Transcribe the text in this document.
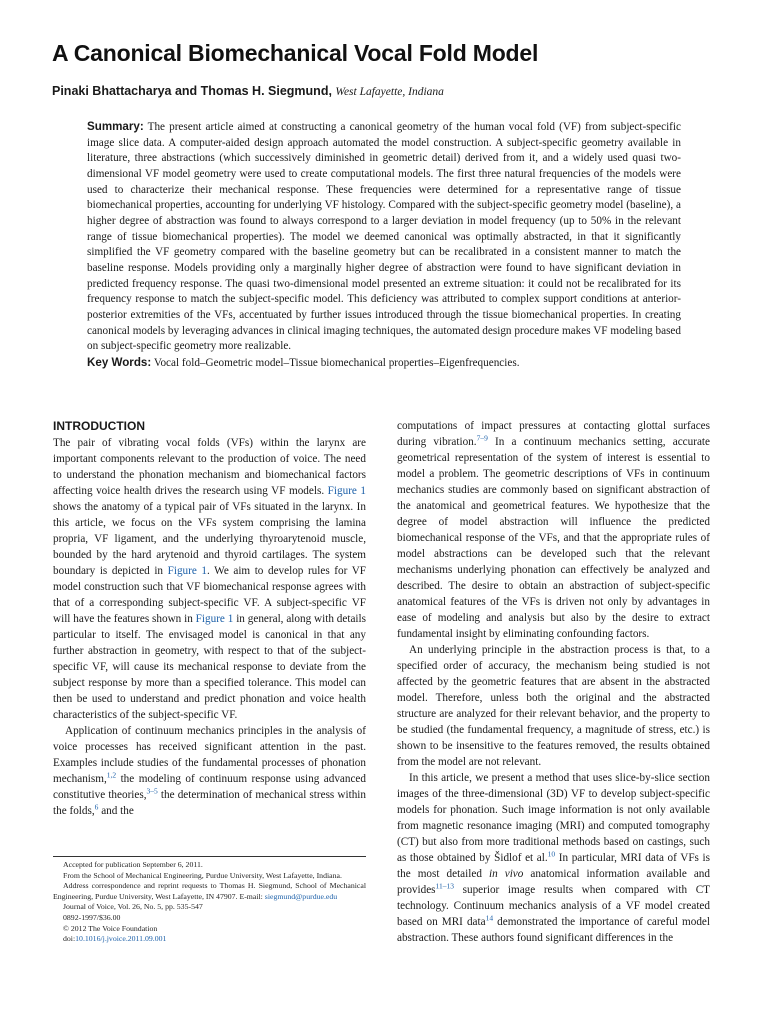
A Canonical Biomechanical Vocal Fold Model
Pinaki Bhattacharya and Thomas H. Siegmund, West Lafayette, Indiana
Summary: The present article aimed at constructing a canonical geometry of the human vocal fold (VF) from subject-specific image slice data. A computer-aided design approach automated the model construction. A subject-specific geometry available in literature, three abstractions (which successively diminished in geometric detail) derived from it, and a widely used quasi two-dimensional VF model geometry were used to create computational models. The first three natural frequencies of the models were used to characterize their mechanical response. These frequencies were determined for a representative range of tissue biomechanical properties, accounting for underlying VF histology. Compared with the subject-specific geometry model (baseline), a higher degree of abstraction was found to always correspond to a larger deviation in model frequency (up to 50% in the relevant range of tissue biomechanical properties). The model we deemed canonical was optimally abstracted, in that it significantly simplified the VF geometry compared with the baseline geometry but can be recalibrated in a consistent manner to match the baseline response. Models providing only a marginally higher degree of abstraction were found to have significant deviation in predicted frequency response. The quasi two-dimensional model presented an extreme situation: it could not be recalibrated for its frequency response to match the subject-specific model. This deficiency was attributed to complex support conditions at anterior-posterior extremities of the VFs, accentuated by further issues introduced through the tissue biomechanical properties. In creating canonical models by leveraging advances in clinical imaging techniques, the automated design procedure makes VF modeling based on subject-specific geometry more realizable.
Key Words: Vocal fold–Geometric model–Tissue biomechanical properties–Eigenfrequencies.
INTRODUCTION

The pair of vibrating vocal folds (VFs) within the larynx are important components relevant to the production of voice. The need to understand the phonation mechanism and biomechanical factors affecting voice health drives the research using VF models. Figure 1 shows the anatomy of a typical pair of VFs situated in the larynx. In this article, we focus on the VFs system comprising the lamina propria, VF ligament, and the underlying thyroarytenoid muscle, bounded by the hard arytenoid and thyroid cartilages. The system boundary is depicted in Figure 1. We aim to develop rules for VF model construction such that VF biomechanical response agrees with that of a corresponding subject-specific VF. A subject-specific VF will have the features shown in Figure 1 in general, along with details particular to itself. The envisaged model is canonical in that any further abstraction in geometry, with respect to that of the subject-specific VF, will cause its mechanical response to deviate from the subject response by more than a specified tolerance. This model can then be used to understand and predict phonation and voice health characteristics of the subject-specific VF.

Application of continuum mechanics principles in the analysis of voice processes has received significant attention in the past. Examples include studies of the fundamental processes of phonation mechanism,$^{1,2}$ the modeling of continuum response using advanced constitutive theories,$^{3-5}$ the determination of mechanical stress within the folds,$^6$ and the

computations of impact pressures at contacting glottal surfaces during vibration.$^{7-9}$ In a continuum mechanics setting, accurate geometrical representation of the system of interest is essential to model a problem. The geometric descriptions of VFs in continuum mechanics studies are commonly based on significant abstraction of the anatomical and geometrical features. We hypothesize that the degree of model abstraction will influence the predicted biomechanical response of the VFs, and that the appropriate rules of model abstractions can be developed such that the relevant mechanisms underlying phonation can effectively be analyzed and described. The desire to obtain an abstraction of subject-specific anatomical features of the VFs is driven not only by advantages in ease of modeling and analysis but also by the desire to extract fundamental insight by eliminating confounding factors.

An underlying principle in the abstraction process is that, to a specified order of accuracy, the mechanism being studied is not affected by the geometric features that are absent in the abstracted model. Therefore, unless both the original and the abstracted structure are analyzed for their relevant behavior, and the property to be studied (the fundamental frequency, a magnitude of stress, etc.) is shown to be insensitive to the features removed, the results obtained from the model are not relevant.

In this article, we present a method that uses slice-by-slice section images of the three-dimensional (3D) VF to develop subject-specific models for phonation. Such image information is not only available from magnetic resonance imaging (MRI) and computed tomography (CT) but also from more traditional methods based on castings, such as those obtained by Šidlof et al.$^{10}$ In particular, MRI data of VFs is the most detailed in vivo anatomical information available and provides$^{11-13}$ superior image results when compared with CT technology. Continuum mechanics analysis of a VF model created based on MRI data$^{14}$ demonstrated the importance of careful model abstraction. These authors found significant differences in the

Accepted for publication September 6, 2011.
From the School of Mechanical Engineering, Purdue University, West Lafayette, Indiana.
Address correspondence and reprint requests to Thomas H. Siegmund, School of Mechanical Engineering, Purdue University, West Lafayette, IN 47907. E-mail: siegmund@purdue.edu
Journal of Voice, Vol. 26, No. 5, pp. 535-547
0892-1997/$36.00
© 2012 The Voice Foundation
doi:10.1016/j.jvoice.2011.09.001
